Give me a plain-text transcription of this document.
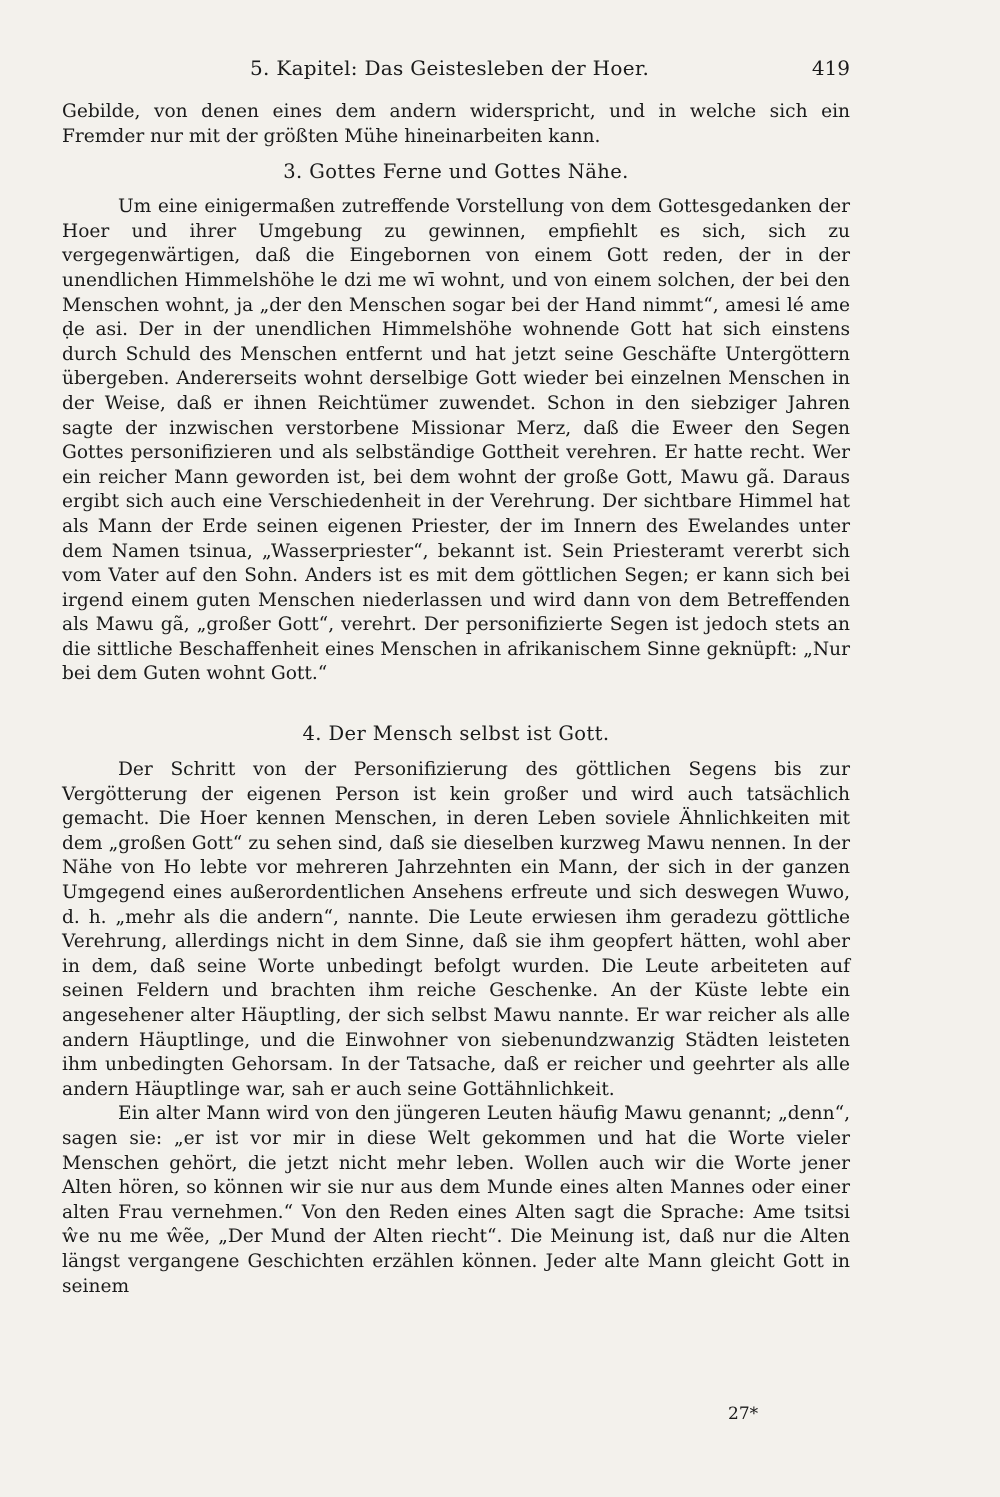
5. Kapitel: Das Geistesleben der Hoer.	419

Gebilde, von denen eines dem andern widerspricht, und in welche sich ein Fremder nur mit der größten Mühe hineinarbeiten kann.

3. Gottes Ferne und Gottes Nähe.

Um eine einigermaßen zutreffende Vorstellung von dem Gottesgedanken der Hoer und ihrer Umgebung zu gewinnen, empfiehlt es sich, sich zu vergegenwärtigen, daß die Eingebornen von einem Gott reden, der in der unendlichen Himmelshöhe le dzi me wī wohnt, und von einem solchen, der bei den Menschen wohnt, ja „der den Menschen sogar bei der Hand nimmt“, amesi lé ame ḍe asi. Der in der unendlichen Himmelshöhe wohnende Gott hat sich einstens durch Schuld des Menschen entfernt und hat jetzt seine Geschäfte Untergöttern übergeben. Andererseits wohnt derselbige Gott wieder bei einzelnen Menschen in der Weise, daß er ihnen Reichtümer zuwendet. Schon in den siebziger Jahren sagte der inzwischen verstorbene Missionar Merz, daß die Eweer den Segen Gottes personifizieren und als selbständige Gottheit verehren. Er hatte recht. Wer ein reicher Mann geworden ist, bei dem wohnt der große Gott, Mawu gã. Daraus ergibt sich auch eine Verschiedenheit in der Verehrung. Der sichtbare Himmel hat als Mann der Erde seinen eigenen Priester, der im Innern des Ewelandes unter dem Namen tsinua, „Wasserpriester“, bekannt ist. Sein Priesteramt vererbt sich vom Vater auf den Sohn. Anders ist es mit dem göttlichen Segen; er kann sich bei irgend einem guten Menschen niederlassen und wird dann von dem Betreffenden als Mawu gã, „großer Gott“, verehrt. Der personifizierte Segen ist jedoch stets an die sittliche Beschaffenheit eines Menschen in afrikanischem Sinne geknüpft: „Nur bei dem Guten wohnt Gott.“

4. Der Mensch selbst ist Gott.

Der Schritt von der Personifizierung des göttlichen Segens bis zur Vergötterung der eigenen Person ist kein großer und wird auch tatsächlich gemacht. Die Hoer kennen Menschen, in deren Leben soviele Ähnlichkeiten mit dem „großen Gott“ zu sehen sind, daß sie dieselben kurzweg Mawu nennen. In der Nähe von Ho lebte vor mehreren Jahrzehnten ein Mann, der sich in der ganzen Umgegend eines außerordentlichen Ansehens erfreute und sich deswegen Wuwo, d. h. „mehr als die andern“, nannte. Die Leute erwiesen ihm geradezu göttliche Verehrung, allerdings nicht in dem Sinne, daß sie ihm geopfert hätten, wohl aber in dem, daß seine Worte unbedingt befolgt wurden. Die Leute arbeiteten auf seinen Feldern und brachten ihm reiche Geschenke. An der Küste lebte ein angesehener alter Häuptling, der sich selbst Mawu nannte. Er war reicher als alle andern Häuptlinge, und die Einwohner von siebenundzwanzig Städten leisteten ihm unbedingten Gehorsam. In der Tatsache, daß er reicher und geehrter als alle andern Häuptlinge war, sah er auch seine Gottähnlichkeit.

Ein alter Mann wird von den jüngeren Leuten häufig Mawu genannt; „denn“, sagen sie: „er ist vor mir in diese Welt gekommen und hat die Worte vieler Menschen gehört, die jetzt nicht mehr leben. Wollen auch wir die Worte jener Alten hören, so können wir sie nur aus dem Munde eines alten Mannes oder einer alten Frau vernehmen.“ Von den Reden eines Alten sagt die Sprache: Ame tsitsi ŵe nu me ŵẽe, „Der Mund der Alten riecht“. Die Meinung ist, daß nur die Alten längst vergangene Geschichten erzählen können. Jeder alte Mann gleicht Gott in seinem

27*
